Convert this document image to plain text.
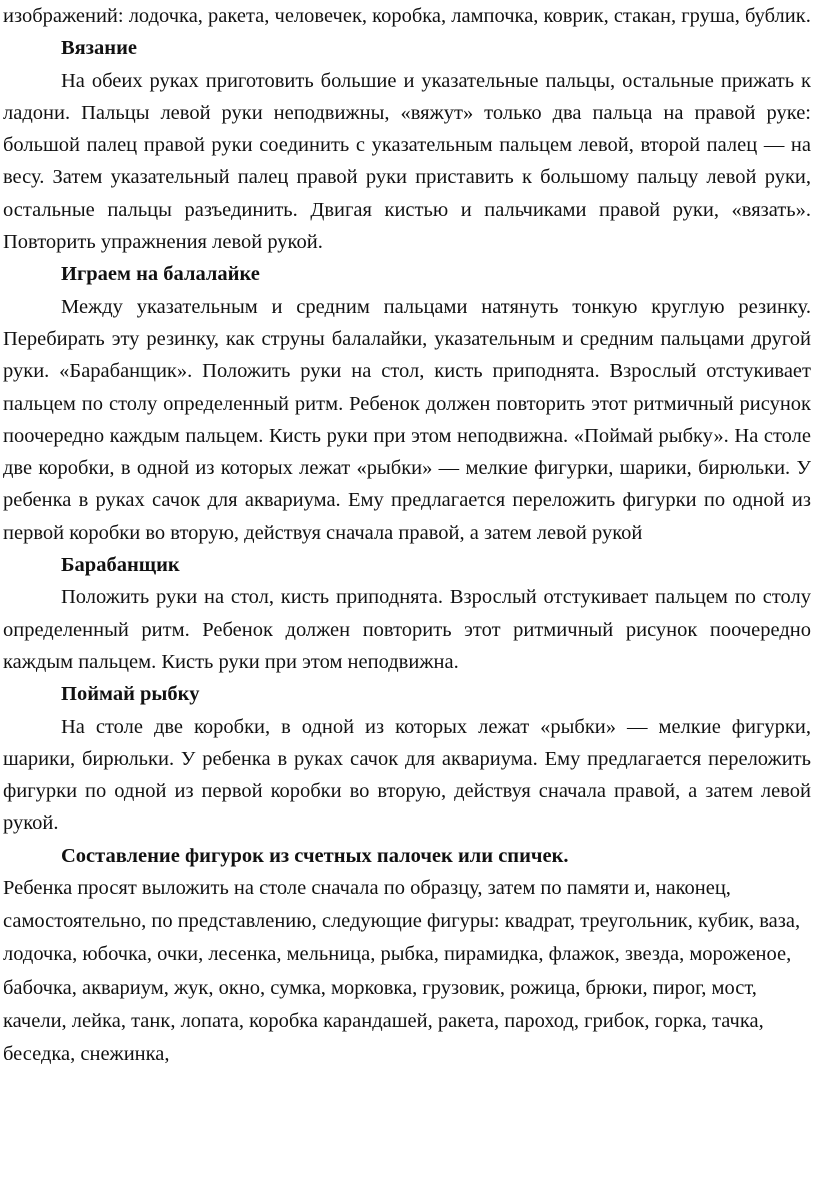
изображений: лодочка, ракета, человечек, коробка, лампочка, коврик, стакан, груша, бублик.

Вязание

На обеих руках приготовить большие и указательные пальцы, остальные прижать к ладони. Пальцы левой руки неподвижны, «вяжут» только два пальца на правой руке: большой палец правой руки соединить с указательным пальцем левой, второй палец — на весу. Затем указательный палец правой руки приставить к большому пальцу левой руки, остальные пальцы разъединить. Двигая кистью и пальчиками правой руки, «вязать». Повторить упражнения левой рукой.

Играем на балалайке

Между указательным и средним пальцами натянуть тонкую круглую резинку. Перебирать эту резинку, как струны балалайки, указательным и средним пальцами другой руки. «Барабанщик». Положить руки на стол, кисть приподнята. Взрослый отстукивает пальцем по столу определенный ритм. Ребенок должен повторить этот ритмичный рисунок поочередно каждым пальцем. Кисть руки при этом неподвижна. «Поймай рыбку». На столе две коробки, в одной из которых лежат «рыбки» — мелкие фигурки, шарики, бирюльки. У ребенка в руках сачок для аквариума. Ему предлагается переложить фигурки по одной из первой коробки во вторую, действуя сначала правой, а затем левой рукой

Барабанщик

Положить руки на стол, кисть приподнята. Взрослый отстукивает пальцем по столу определенный ритм. Ребенок должен повторить этот ритмичный рисунок поочередно каждым пальцем. Кисть руки при этом неподвижна.

Поймай рыбку

На столе две коробки, в одной из которых лежат «рыбки» — мелкие фигурки, шарики, бирюльки. У ребенка в руках сачок для аквариума. Ему предлагается переложить фигурки по одной из первой коробки во вторую, действуя сначала правой, а затем левой рукой.

Составление фигурок из счетных палочек или спичек.

Ребенка просят выложить на столе сначала по образцу, затем по памяти и, наконец, самостоятельно, по представлению, следующие фигуры: квадрат, треугольник, кубик, ваза, лодочка, юбочка, очки, лесенка, мельница, рыбка, пирамидка, флажок, звезда, мороженое, бабочка, аквариум, жук, окно, сумка, морковка, грузовик, рожица, брюки, пирог, мост, качели, лейка, танк, лопата, коробка карандашей, ракета, пароход, грибок, горка, тачка, беседка, снежинка,
